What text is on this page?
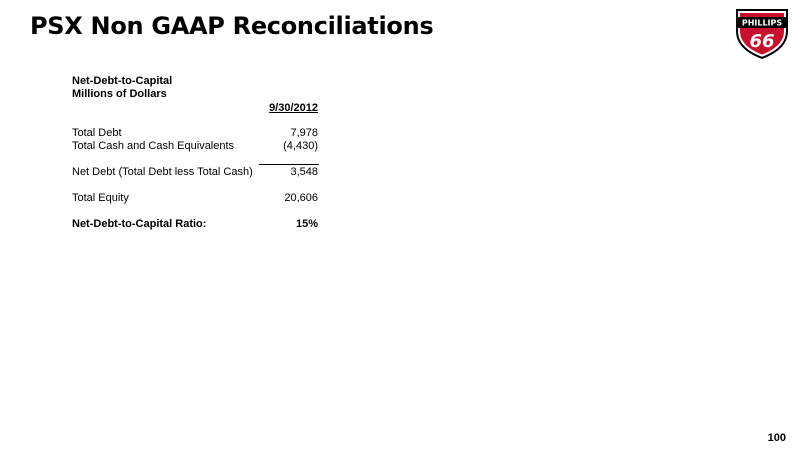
PSX Non GAAP Reconciliations	PHILLIPS
66
Net-Debt-to-Capital
Millions of Dollars
9/30/2012
Total Debt	7,978
Total Cash and Cash Equivalents	(4,430)
Net Debt (Total Debt less Total Cash)	3,548
Total Equity	20,606
Net-Debt-to-Capital Ratio:	15%
100
